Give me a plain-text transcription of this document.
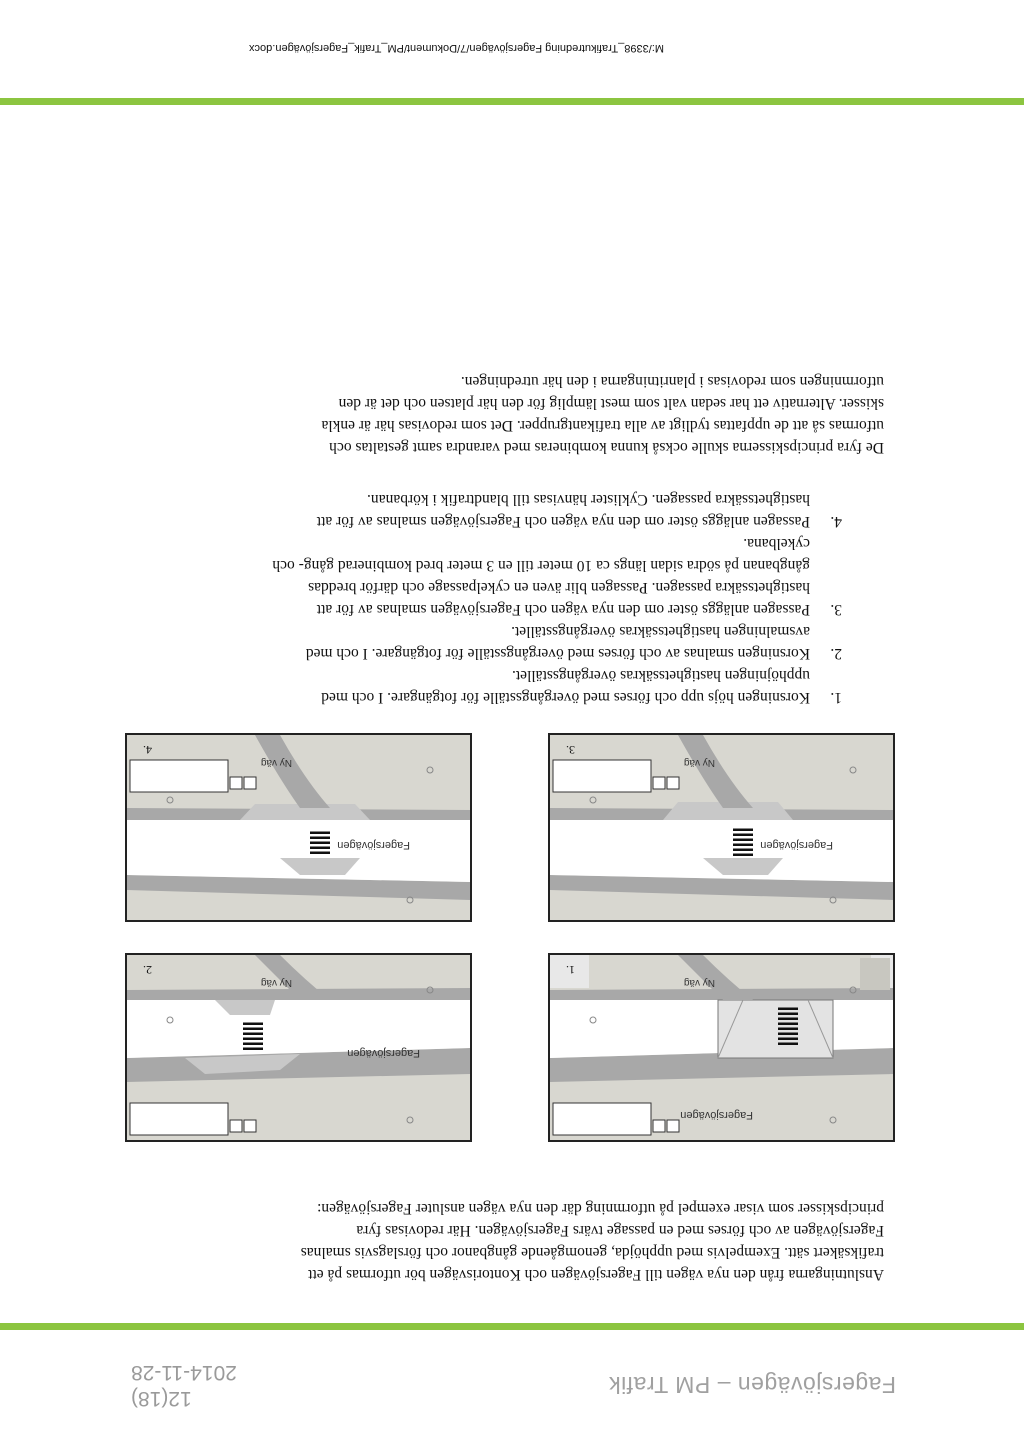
Fagersjövägen – PM Trafik
12(18)
2014-11-28

Anslutningarna från den nya vägen till Fagersjövägen och Kontorisvägen bör utformas på ett

trafiksäkert sätt. Exempelvis med upphöjda, genomgående gångbanor och förslagsvis smalnas

Fagersjövägen av och förses med en passage tvärs Fagersjövägen. Här redovisas fyra

principskisser som visar exempel på utformning där den nya vägen ansluter Fagersjövägen:

Fagersjövägen
Ny väg
1.
Fagersjövägen
Ny väg
2.
Fagersjövägen
Ny väg
3.
Fagersjövägen
Ny väg
4.
1.
Korsningen höjs upp och förses med övergångsställe för fotgängare. I och med
upphöjningen hastighetssäkras övergångsstället.
2.
Korsningen smalnas av och förses med övergångsställe för fotgängare. I och med
avsmalningen hastighetssäkras övergångsstället.
3.
Passagen anläggs öster om den nya vägen och Fagersjövägen smalnas av för att
hastighetssäkra passagen. Passagen blir även en cykelpassage och därför breddas
gångbanan på södra sidan längs ca 10 meter till en 3 meter bred kombinerad gång- och
cykelbana.
4.
Passagen anläggs öster om den nya vägen och Fagersjövägen smalnas av för att
hastighetssäkra passagen. Cyklister hänvisas till blandtrafik i körbanan.

De fyra principskisserna skulle också kunna kombineras med varandra samt gestaltas och

utformas så att de uppfattas tydligt av alla trafikantgrupper. Det som redovisas här är enkla

skisser. Alternativ ett har sedan valt som mest lämplig för den här platsen och det är den

utformningen som redovisas i planritningarna i den här utredningen.

M:/3398_Trafikutredning Fagersjövägen/7/Dokument/PM_Trafik_Fagersjövägen.docx
